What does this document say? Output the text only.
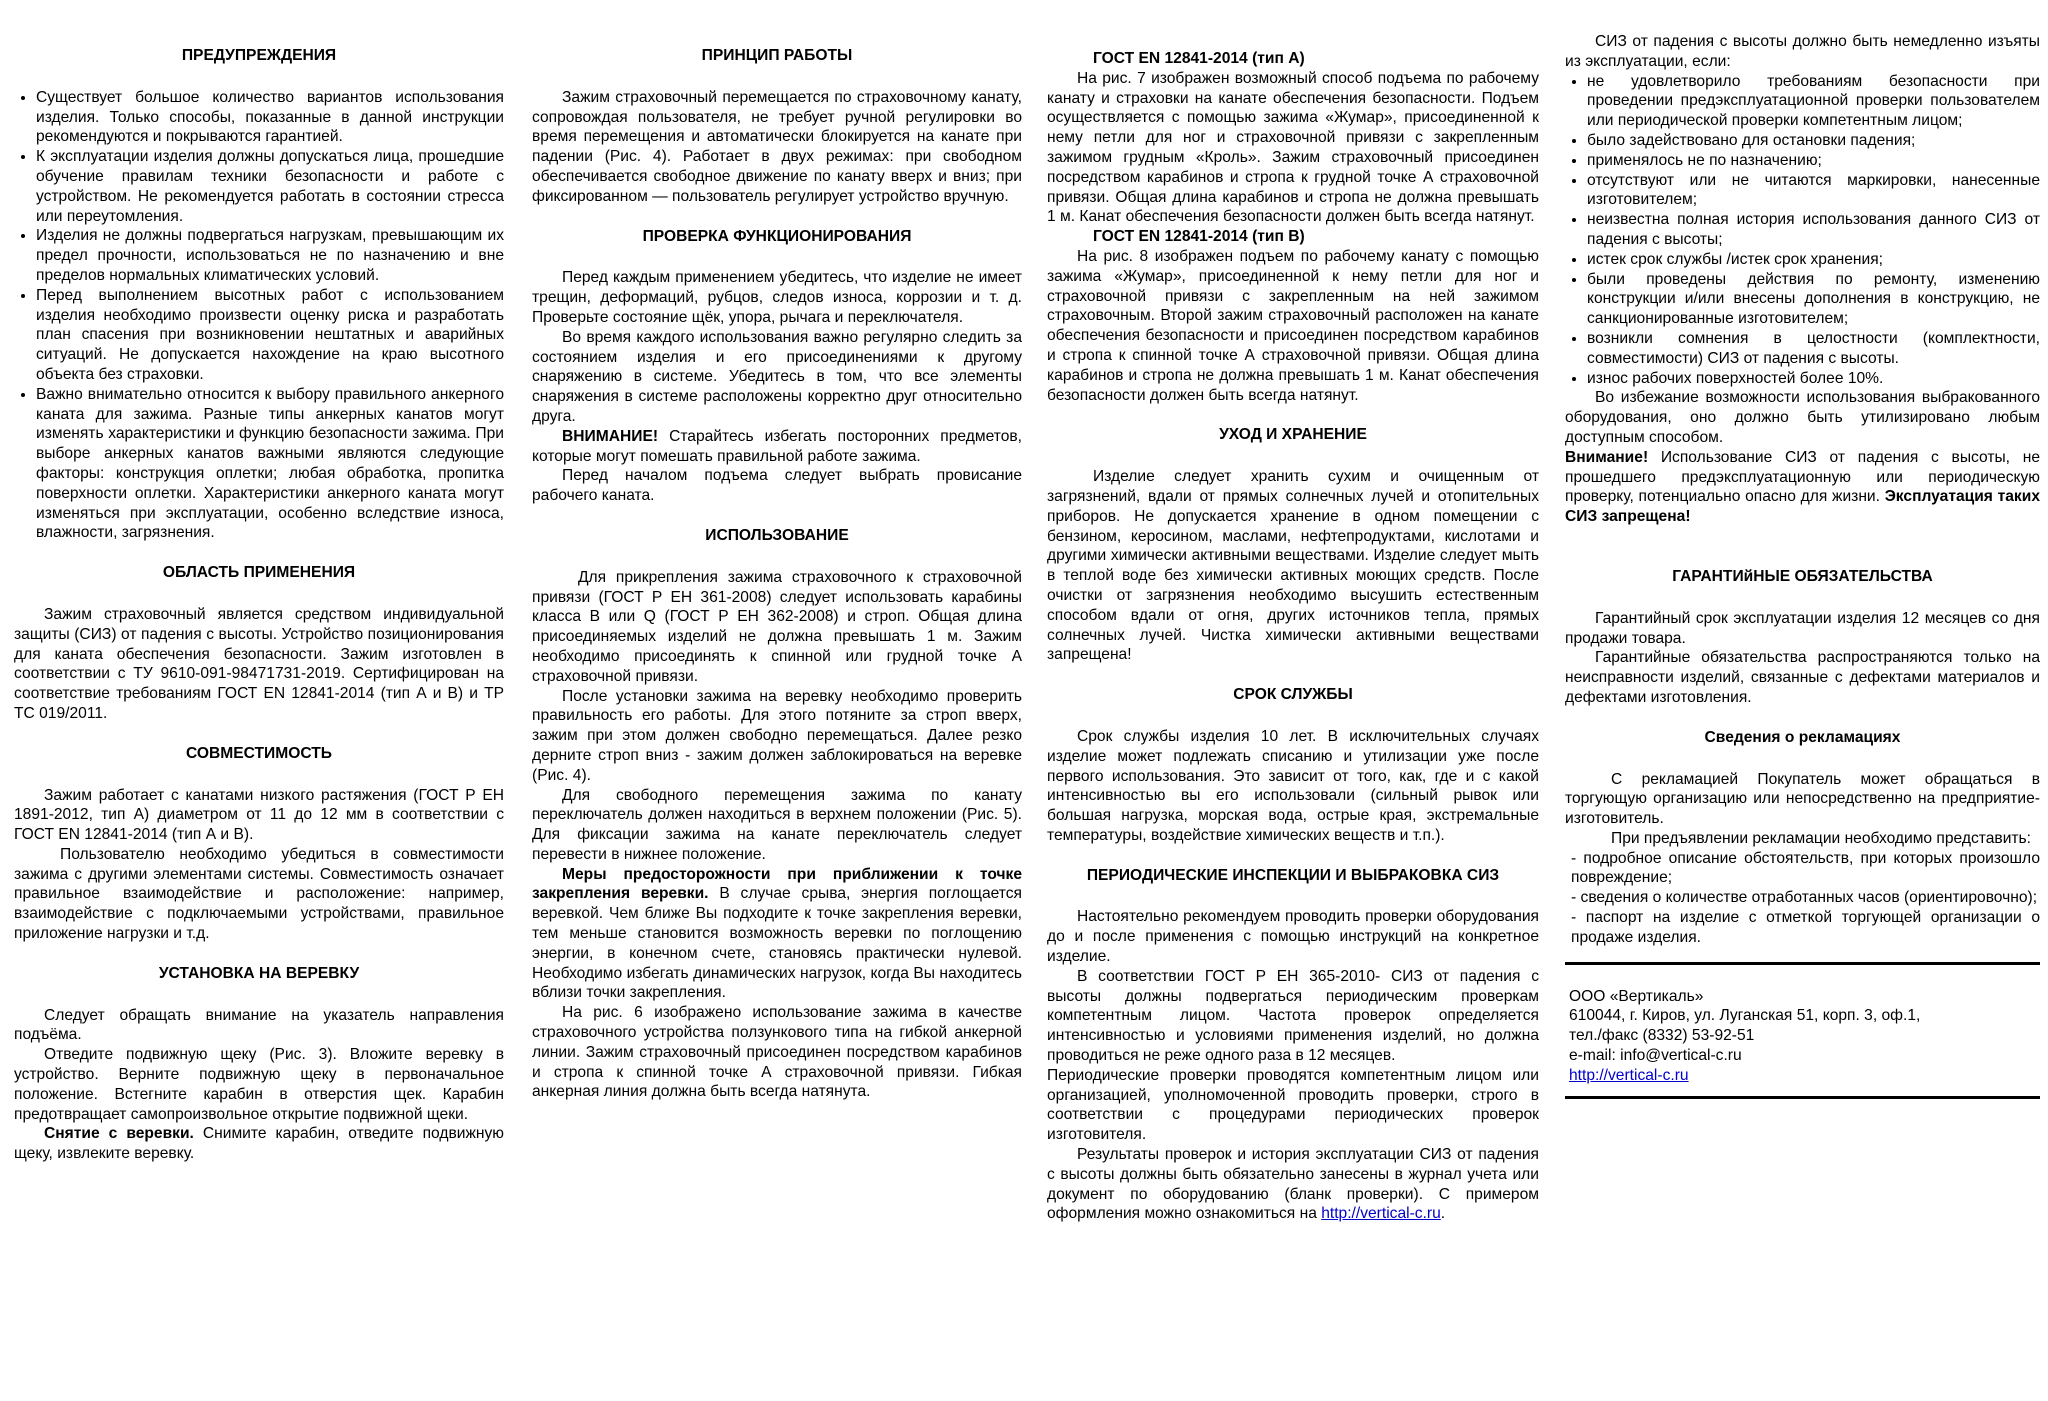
ПРЕДУПРЕЖДЕНИЯ
• Существует большое количество вариантов использования изделия. Только способы, показанные в данной инструкции рекомендуются и покрываются гарантией.
• К эксплуатации изделия должны допускаться лица, прошедшие обучение правилам техники безопасности и работе с устройством. Не рекомендуется работать в состоянии стресса или переутомления.
• Изделия не должны подвергаться нагрузкам, превышающим их предел прочности, использоваться не по назначению и вне пределов нормальных климатических условий.
• Перед выполнением высотных работ с использованием изделия необходимо произвести оценку риска и разработать план спасения при возникновении нештатных и аварийных ситуаций. Не допускается нахождение на краю высотного объекта без страховки.
• Важно внимательно относится к выбору правильного анкерного каната для зажима. Разные типы анкерных канатов могут изменять характеристики и функцию безопасности зажима. При выборе анкерных канатов важными являются следующие факторы: конструкция оплетки; любая обработка, пропитка поверхности оплетки. Характеристики анкерного каната могут изменяться при эксплуатации, особенно вследствие износа, влажности, загрязнения.
ОБЛАСТЬ ПРИМЕНЕНИЯ

Зажим страховочный является средством индивидуальной защиты (СИЗ) от падения с высоты. Устройство позиционирования для каната обеспечения безопасности. Зажим изготовлен в соответствии с ТУ 9610-091-98471731-2019. Сертифицирован на соответствие требованиям ГОСТ EN 12841-2014 (тип А и В) и ТР ТС 019/2011.

СОВМЕСТИМОСТЬ

Зажим работает с канатами низкого растяжения (ГОСТ Р ЕН 1891-2012, тип А) диаметром от 11 до 12 мм в соответствии с ГОСТ EN 12841-2014 (тип А и В).

Пользователю необходимо убедиться в совместимости зажима с другими элементами системы. Совместимость означает правильное взаимодействие и расположение: например, взаимодействие с подключаемыми устройствами, правильное приложение нагрузки и т.д.

УСТАНОВКА НА ВЕРЕВКУ

Следует обращать внимание на указатель направления подъёма.

Отведите подвижную щеку (Рис. 3). Вложите веревку в устройство. Верните подвижную щеку в первоначальное положение. Встегните карабин в отверстия щек. Карабин предотвращает самопроизвольное открытие подвижной щеки.

Снятие с веревки. Снимите карабин, отведите подвижную щеку, извлеките веревку.

ПРИНЦИП РАБОТЫ

Зажим страховочный перемещается по страховочному канату, сопровождая пользователя, не требует ручной регулировки во время перемещения и автоматически блокируется на канате при падении (Рис. 4). Работает в двух режимах: при свободном обеспечивается свободное движение по канату вверх и вниз; при фиксированном — пользователь регулирует устройство вручную.

ПРОВЕРКА ФУНКЦИОНИРОВАНИЯ

Перед каждым применением убедитесь, что изделие не имеет трещин, деформаций, рубцов, следов износа, коррозии и т. д. Проверьте состояние щёк, упора, рычага и переключателя.

Во время каждого использования важно регулярно следить за состоянием изделия и его присоединениями к другому снаряжению в системе. Убедитесь в том, что все элементы снаряжения в системе расположены корректно друг относительно друга.

ВНИМАНИЕ! Старайтесь избегать посторонних предметов, которые могут помешать правильной работе зажима.

Перед началом подъема следует выбрать провисание рабочего каната.

ИСПОЛЬЗОВАНИЕ

Для прикрепления зажима страховочного к страховочной привязи (ГОСТ Р ЕН 361-2008) следует использовать карабины класса В или Q (ГОСТ Р ЕН 362-2008) и строп. Общая длина присоединяемых изделий не должна превышать 1 м. Зажим необходимо присоединять к спинной или грудной точке А страховочной привязи.

После установки зажима на веревку необходимо проверить правильность его работы. Для этого потяните за строп вверх, зажим при этом должен свободно перемещаться. Далее резко дерните строп вниз - зажим должен заблокироваться на веревке (Рис. 4).

Для свободного перемещения зажима по канату переключатель должен находиться в верхнем положении (Рис. 5). Для фиксации зажима на канате переключатель следует перевести в нижнее положение.

Меры предосторожности при приближении к точке закрепления веревки. В случае срыва, энергия поглощается веревкой. Чем ближе Вы подходите к точке закрепления веревки, тем меньше становится возможность веревки по поглощению энергии, в конечном счете, становясь практически нулевой. Необходимо избегать динамических нагрузок, когда Вы находитесь вблизи точки закрепления.

На рис. 6 изображено использование зажима в качестве страховочного устройства ползункового типа на гибкой анкерной линии. Зажим страховочный присоединен посредством карабинов и стропа к спинной точке А страховочной привязи. Гибкая анкерная линия должна быть всегда натянута.

ГОСТ EN 12841-2014 (тип А)

На рис. 7 изображен возможный способ подъема по рабочему канату и страховки на канате обеспечения безопасности. Подъем осуществляется с помощью зажима «Жумар», присоединенной к нему петли для ног и страховочной привязи с закрепленным зажимом грудным «Кроль». Зажим страховочный присоединен посредством карабинов и стропа к грудной точке А страховочной привязи. Общая длина карабинов и стропа не должна превышать 1 м. Канат обеспечения безопасности должен быть всегда натянут.

ГОСТ EN 12841-2014 (тип В)

На рис. 8 изображен подъем по рабочему канату с помощью зажима «Жумар», присоединенной к нему петли для ног и страховочной привязи с закрепленным на ней зажимом страховочным. Второй зажим страховочный расположен на канате обеспечения безопасности и присоединен посредством карабинов и стропа к спинной точке А страховочной привязи. Общая длина карабинов и стропа не должна превышать 1 м. Канат обеспечения безопасности должен быть всегда натянут.

УХОД И ХРАНЕНИЕ

Изделие следует хранить сухим и очищенным от загрязнений, вдали от прямых солнечных лучей и отопительных приборов. Не допускается хранение в одном помещении с бензином, керосином, маслами, нефтепродуктами, кислотами и другими химически активными веществами. Изделие следует мыть в теплой воде без химически активных моющих средств. После очистки от загрязнения необходимо высушить естественным способом вдали от огня, других источников тепла, прямых солнечных лучей. Чистка химически активными веществами запрещена!

СРОК СЛУЖБЫ

Срок службы изделия 10 лет. В исключительных случаях изделие может подлежать списанию и утилизации уже после первого использования. Это зависит от того, как, где и с какой интенсивностью вы его использовали (сильный рывок или большая нагрузка, морская вода, острые края, экстремальные температуры, воздействие химических веществ и т.п.).

ПЕРИОДИЧЕСКИЕ ИНСПЕКЦИИ И ВЫБРАКОВКА СИЗ

Настоятельно рекомендуем проводить проверки оборудования до и после применения с помощью инструкций на конкретное изделие.

В соответствии ГОСТ Р ЕН 365-2010- СИЗ от падения с высоты должны подвергаться периодическим проверкам компетентным лицом. Частота проверок определяется интенсивностью и условиями применения изделий, но должна проводиться не реже одного раза в 12 месяцев.

Периодические проверки проводятся компетентным лицом или организацией, уполномоченной проводить проверки, строго в соответствии с процедурами периодических проверок изготовителя.

Результаты проверок и история эксплуатации СИЗ от падения с высоты должны быть обязательно занесены в журнал учета или документ по оборудованию (бланк проверки). С примером оформления можно ознакомиться на http://vertical-c.ru.

СИЗ от падения с высоты должно быть немедленно изъяты из эксплуатации, если:

• не удовлетворило требованиям безопасности при проведении предэксплуатационной проверки пользователем или периодической проверки компетентным лицом;
• было задействовано для остановки падения;
• применялось не по назначению;
• отсутствуют или не читаются маркировки, нанесенные изготовителем;
• неизвестна полная история использования данного СИЗ от падения с высоты;
• истек срок службы /истек срок хранения;
• были проведены действия по ремонту, изменению конструкции и/или внесены дополнения в конструкцию, не санкционированные изготовителем;
• возникли сомнения в целостности (комплектности, совместимости) СИЗ от падения с высоты.
• износ рабочих поверхностей более 10%.

Во избежание возможности использования выбракованного оборудования, оно должно быть утилизировано любым доступным способом.

Внимание! Использование СИЗ от падения с высоты, не прошедшего предэксплуатационную или периодическую проверку, потенциально опасно для жизни. Эксплуатация таких СИЗ запрещена!

ГАРАНТИйНЫЕ ОБЯЗАТЕЛЬСТВА

Гарантийный срок эксплуатации изделия 12 месяцев со дня продажи товара.

Гарантийные обязательства распространяются только на неисправности изделий, связанные с дефектами материалов и дефектами изготовления.

Сведения о рекламациях

С рекламацией Покупатель может обращаться в торгующую организацию или непосредственно на предприятие-изготовитель.

При предъявлении рекламации необходимо представить:

- подробное описание обстоятельств, при которых произошло повреждение;

- сведения о количестве отработанных часов (ориентировочно);

- паспорт на изделие с отметкой торгующей организации о продаже изделия.

ООО «Вертикаль»
610044, г. Киров, ул. Луганская 51, корп. 3, оф.1,
тел./факс (8332) 53-92-51
e-mail: info@vertical-c.ru
http://vertical-c.ru
